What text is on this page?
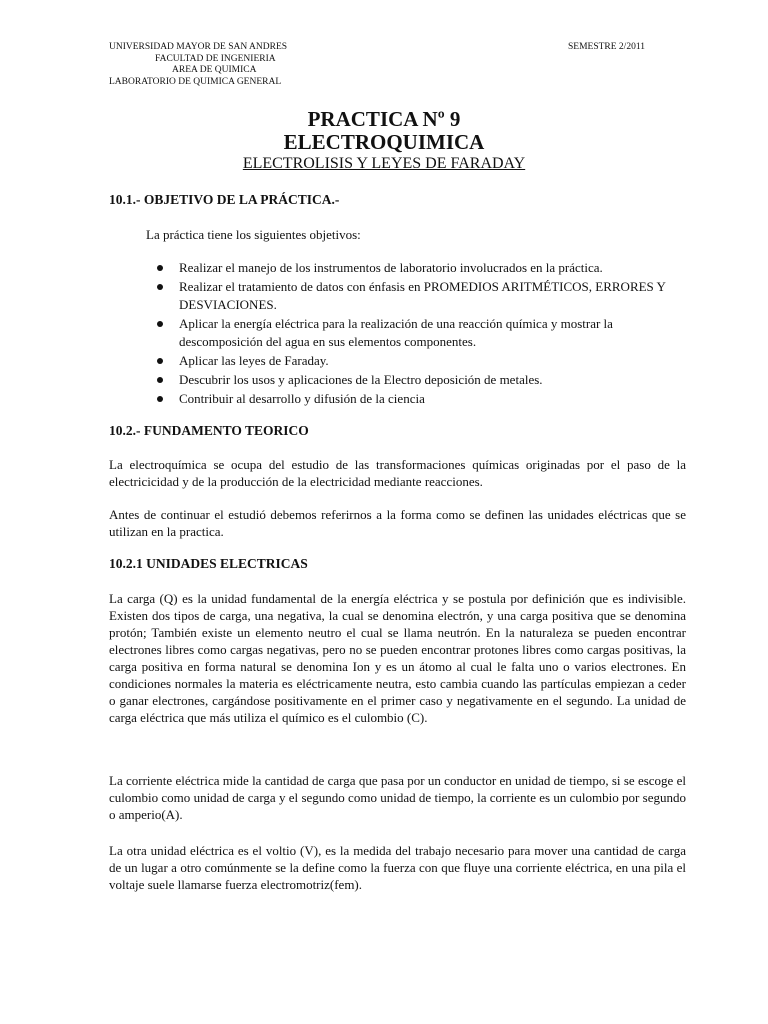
UNIVERSIDAD MAYOR DE SAN ANDRES
FACULTAD DE INGENIERIA
AREA DE QUIMICA
LABORATORIO DE QUIMICA GENERAL
SEMESTRE 2/2011
PRACTICA Nº 9
ELECTROQUIMICA
ELECTROLISIS Y LEYES DE FARADAY
10.1.- OBJETIVO DE LA PRÁCTICA.-
La práctica tiene los siguientes objetivos:
Realizar el manejo de los instrumentos de laboratorio involucrados en la práctica.
Realizar el tratamiento de datos con énfasis en PROMEDIOS ARITMÉTICOS, ERRORES Y DESVIACIONES.
Aplicar la energía eléctrica para la realización de una reacción química y mostrar la descomposición del agua en sus elementos componentes.
Aplicar las leyes de Faraday.
Descubrir los usos y aplicaciones de la Electro deposición de metales.
Contribuir al desarrollo y difusión de la ciencia
10.2.- FUNDAMENTO TEORICO

La electroquímica se ocupa del estudio de las transformaciones químicas originadas por el paso de la electricicidad y de la producción de la electricidad mediante reacciones.

Antes de continuar el estudió debemos referirnos a la forma como se definen las unidades eléctricas que se utilizan en la practica.

10.2.1 UNIDADES ELECTRICAS

La carga (Q) es la unidad fundamental de la energía eléctrica y se postula por definición que es indivisible. Existen dos tipos de carga, una negativa, la cual se denomina electrón, y una carga positiva que se denomina protón; También existe un elemento neutro el cual se llama neutrón. En la naturaleza se pueden encontrar electrones libres como cargas negativas, pero no se pueden encontrar protones libres como cargas positivas, la carga positiva en forma natural se denomina Ion y es un átomo al cual le falta uno o varios electrones. En condiciones normales la materia es eléctricamente neutra, esto cambia cuando las partículas empiezan a ceder o ganar electrones, cargándose positivamente en el primer caso y negativamente en el segundo. La unidad de carga eléctrica que más utiliza el químico es el culombio (C).

La corriente eléctrica mide la cantidad de carga que pasa por un conductor en unidad de tiempo, si se escoge el culombio como unidad de carga y el segundo como unidad de tiempo, la corriente es un culombio por segundo o amperio(A).

La otra unidad eléctrica es el voltio (V), es la medida del trabajo necesario para mover una cantidad de carga de un lugar a otro comúnmente se la define como la fuerza con que fluye una corriente eléctrica, en una pila el voltaje suele llamarse fuerza electromotriz(fem).
